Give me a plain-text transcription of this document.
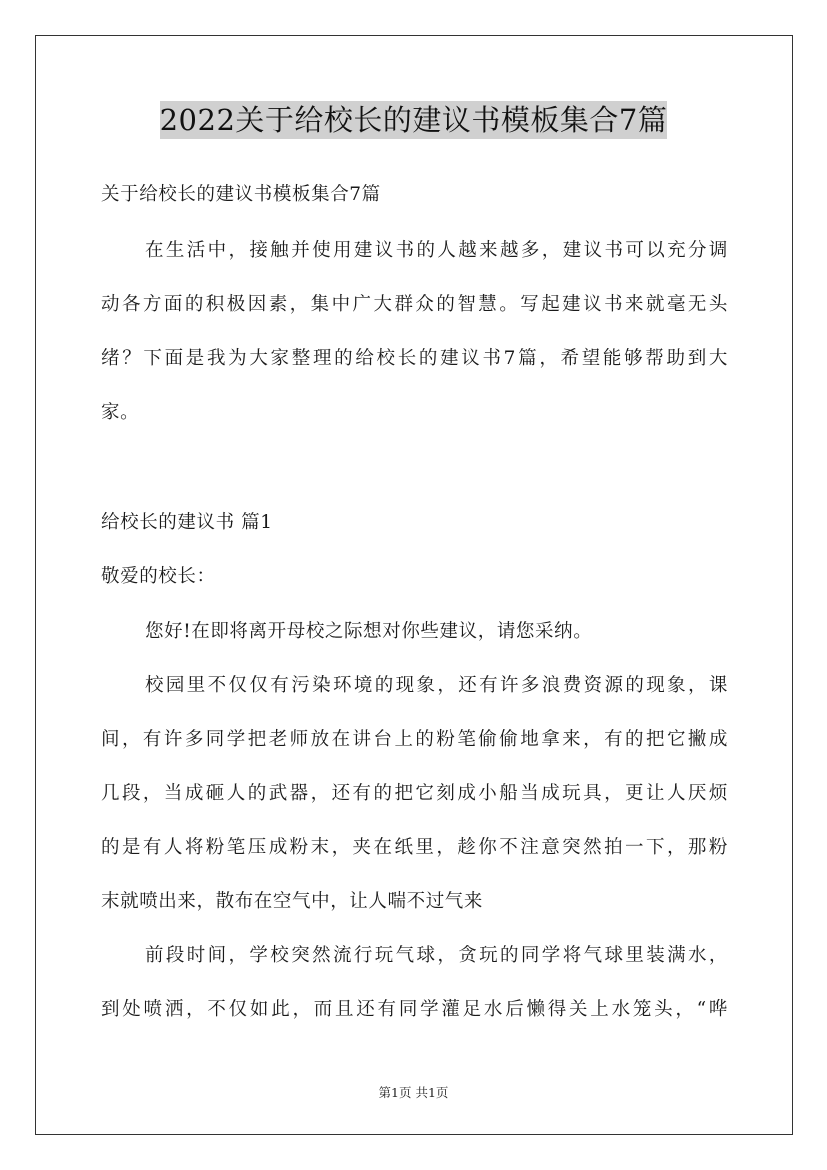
2022关于给校长的建议书模板集合7篇
关于给校长的建议书模板集合7篇
在生活中，接触并使用建议书的人越来越多，建议书可以充分调
动各方面的积极因素，集中广大群众的智慧。写起建议书来就毫无头
绪？下面是我为大家整理的给校长的建议书7篇，希望能够帮助到大
家。
给校长的建议书 篇1
敬爱的校长：
您好!在即将离开母校之际想对你些建议，请您采纳。
校园里不仅仅有污染环境的现象，还有许多浪费资源的现象，课
间，有许多同学把老师放在讲台上的粉笔偷偷地拿来，有的把它撇成
几段，当成砸人的武器，还有的把它刻成小船当成玩具，更让人厌烦
的是有人将粉笔压成粉末，夹在纸里，趁你不注意突然拍一下，那粉
末就喷出来，散布在空气中，让人喘不过气来
前段时间，学校突然流行玩气球，贪玩的同学将气球里装满水，
到处喷洒，不仅如此，而且还有同学灌足水后懒得关上水笼头，“哗
第1页 共1页
